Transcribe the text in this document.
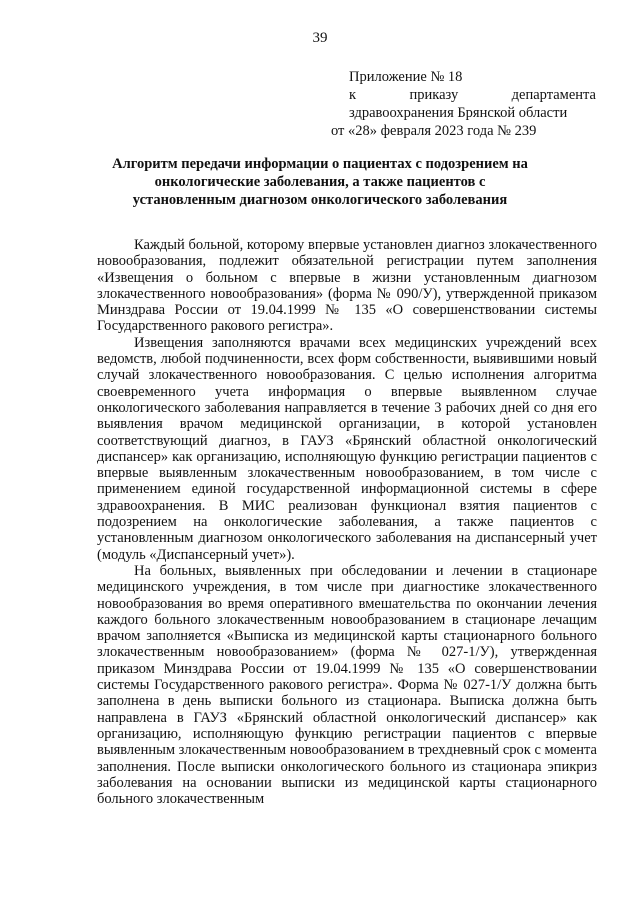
39
Приложение № 18
к приказу департамента
здравоохранения Брянской области
от «28» февраля 2023 года № 239
Алгоритм передачи информации о пациентах с подозрением на онкологические заболевания, а также пациентов с установленным диагнозом онкологического заболевания

Каждый больной, которому впервые установлен диагноз злокачественного новообразования, подлежит обязательной регистрации путем заполнения «Извещения о больном с впервые в жизни установленным диагнозом злокачественного новообразования» (форма № 090/У), утвержденной приказом Минздрава России от 19.04.1999 № 135 «О совершенствовании системы Государственного ракового регистра».

Извещения заполняются врачами всех медицинских учреждений всех ведомств, любой подчиненности, всех форм собственности, выявившими новый случай злокачественного новообразования. С целью исполнения алгоритма своевременного учета информация о впервые выявленном случае онкологического заболевания направляется в течение 3 рабочих дней со дня его выявления врачом медицинской организации, в которой установлен соответствующий диагноз, в ГАУЗ «Брянский областной онкологический диспансер» как организацию, исполняющую функцию регистрации пациентов с впервые выявленным злокачественным новообразованием, в том числе с применением единой государственной информационной системы в сфере здравоохранения. В МИС реализован функционал взятия пациентов с подозрением на онкологические заболевания, а также пациентов с установленным диагнозом онкологического заболевания на диспансерный учет (модуль «Диспансерный учет»).

На больных, выявленных при обследовании и лечении в стационаре медицинского учреждения, в том числе при диагностике злокачественного новообразования во время оперативного вмешательства по окончании лечения каждого больного злокачественным новообразованием в стационаре лечащим врачом заполняется «Выписка из медицинской карты стационарного больного злокачественным новообразованием» (форма № 027-1/У), утвержденная приказом Минздрава России от 19.04.1999 № 135 «О совершенствовании системы Государственного ракового регистра». Форма № 027-1/У должна быть заполнена в день выписки больного из стационара. Выписка должна быть направлена в ГАУЗ «Брянский областной онкологический диспансер» как организацию, исполняющую функцию регистрации пациентов с впервые выявленным злокачественным новообразованием в трехдневный срок с момента заполнения. После выписки онкологического больного из стационара эпикриз заболевания на основании выписки из медицинской карты стационарного больного злокачественным
